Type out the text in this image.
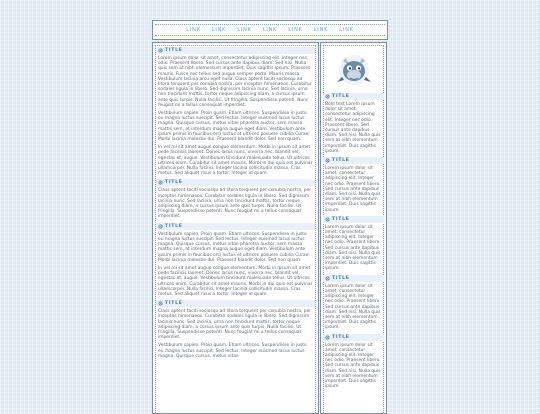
LINK LINK LINK LINK LINK LINK LINK
TITLE

Lorem ipsum dolor sit amet, consectetur adipiscing elit. Integer nec odio. Praesent libero. Sed cursus ante dapibus diam. Sed nisi. Nulla quis sem at nibh elementum imperdiet. Duis sagittis ipsum. Praesent mauris. Fusce nec tellus sed augue semper porta. Mauris massa. Vestibulum lacinia arcu eget nulla. Class aptent taciti sociosqu ad litora torquent per conubia nostra, per inceptos himenaeos. Curabitur sodales ligula in libero. Sed dignissim lacinia nunc. Sed lacinia, urna non tincidunt mattis, tortor neque adipiscing diam, a cursus ipsum ante quis turpis. Nulla facilisi. Ut fringilla. Suspendisse potenti. Nunc feugiat mi a tellus consequat imperdiet.

Vestibulum sapien. Proin quam. Etiam ultrices. Suspendisse in justo eu magna luctus suscipit. Sed lectus. Integer euismod lacus luctus magna. Quisque cursus, metus vitae pharetra auctor, sem massa mattis sem, at interdum magna augue eget diam. Vestibulum ante ipsum primis in faucibus orci luctus et ultrices posuere cubilia Curae; Morbi lacinia molestie dui. Praesent blandit dolor. Sed non quam.

In vel mi sit amet augue congue elementum. Morbi in ipsum sit amet pede facilisis laoreet. Donec lacus nunc, viverra nec, blandit vel, egestas et, augue. Vestibulum tincidunt malesuada tellus. Ut ultrices ultrices enim. Curabitur sit amet mauris. Morbi in dui quis est pulvinar ullamcorper. Nulla facilisi. Integer lacinia sollicitudin massa. Cras metus. Sed aliquet risus a tortor. Integer id quam.

TITLE

Class aptent taciti sociosqu ad litora torquent per conubia nostra, per inceptos himenaeos. Curabitur sodales ligula in libero. Sed dignissim lacinia nunc. Sed lacinia, urna non tincidunt mattis, tortor neque adipiscing diam, a cursus ipsum ante quis turpis. Nulla facilisi. Ut fringilla. Suspendisse potenti. Nunc feugiat mi a tellus consequat imperdiet.

TITLE

Vestibulum sapien. Proin quam. Etiam ultrices. Suspendisse in justo eu magna luctus suscipit. Sed lectus. Integer euismod lacus luctus magna. Quisque cursus, metus vitae pharetra auctor, sem massa mattis sem, at interdum magna augue eget diam. Vestibulum ante ipsum primis in faucibus orci luctus et ultrices posuere cubilia Curae; Morbi lacinia molestie dui. Praesent blandit dolor. Sed non quam.

In vel mi sit amet augue congue elementum. Morbi in ipsum sit amet pede facilisis laoreet. Donec lacus nunc, viverra nec, blandit vel, egestas et, augue. Vestibulum tincidunt malesuada tellus. Ut ultrices ultrices enim. Curabitur sit amet mauris. Morbi in dui quis est pulvinar ullamcorper. Nulla facilisi. Integer lacinia sollicitudin massa. Cras metus. Sed aliquet risus a tortor. Integer id quam.

TITLE

Class aptent taciti sociosqu ad litora torquent per conubia nostra, per inceptos himenaeos. Curabitur sodales ligula in libero. Sed dignissim lacinia nunc. Sed lacinia, urna non tincidunt mattis, tortor neque adipiscing diam, a cursus ipsum ante quis turpis. Nulla facilisi. Ut fringilla. Suspendisse potenti. Nunc feugiat mi a tellus consequat imperdiet.

Vestibulum sapien. Proin quam. Etiam ultrices. Suspendisse in justo eu magna luctus suscipit. Sed lectus. Integer euismod lacus luctus magna. Quisque cursus, metus vitae

TITLE

Bold text Lorem ipsum dolor sit amet, consectetur adipiscing elit. Integer nec odio. Praesent libero. Sed cursus ante dapibus diam. Sed nisi. Nulla quis sem at nibh elementum imperdiet. Duis sagittis ipsum.

TITLE

Lorem ipsum dolor sit amet, consectetur adipiscing elit. Integer nec odio. Praesent libero. Sed cursus ante dapibus diam. Sed nisi. Nulla quis sem at nibh elementum imperdiet. Duis sagittis ipsum.

TITLE

Lorem ipsum dolor sit amet, consectetur adipiscing elit. Integer nec odio. Praesent libero. Sed cursus ante dapibus diam. Sed nisi. Nulla quis sem at nibh elementum imperdiet. Duis sagittis ipsum.

TITLE

Lorem ipsum dolor sit amet, consectetur adipiscing elit. Integer nec odio. Praesent libero. Sed cursus ante dapibus diam. Sed nisi. Nulla quis sem at nibh elementum imperdiet. Duis sagittis ipsum.

TITLE

Lorem ipsum dolor sit amet, consectetur adipiscing elit. Integer nec odio. Praesent libero. Sed cursus ante dapibus diam. Sed nisi. Nulla quis sem at nibh elementum imperdiet. Duis sagittis ipsum.
